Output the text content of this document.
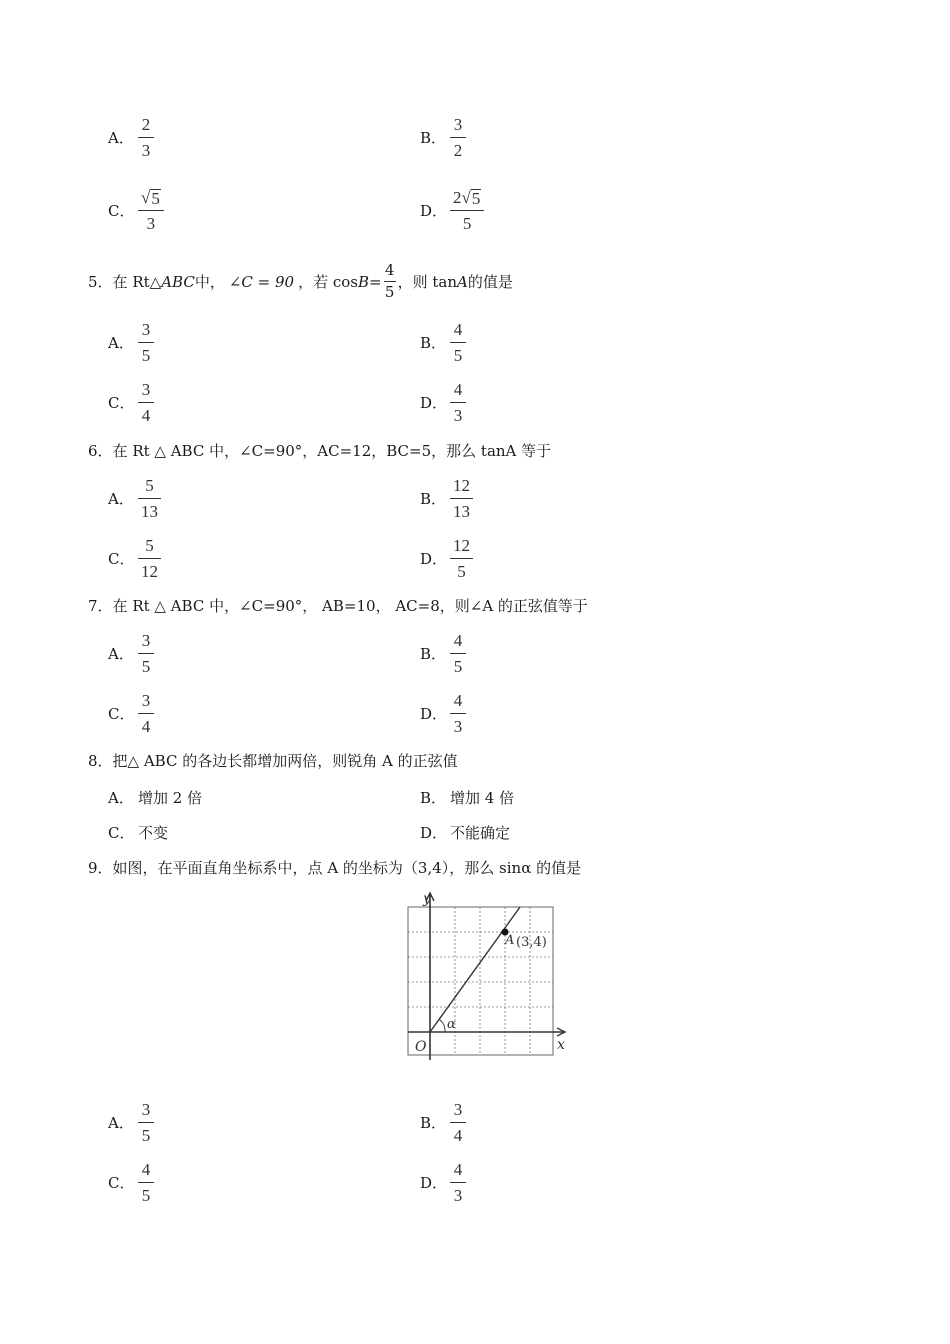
A． $\frac{2}{3}$	B． $\frac{3}{2}$
C． $\frac{√ 5}{3}$	D． $\frac{2 √ 5}{5}$
5． 在 Rt△ ABC 中， ∠C = 90 ，若 $\cos B = \frac{4}{5}$ ，则 tan A 的值是
A． $\frac{3}{5}$	B． $\frac{4}{5}$
C． $\frac{3}{4}$	D． $\frac{4}{3}$
6．在 Rt △ ABC 中，∠C=90°，AC=12，BC=5，那么 tanA 等于
A． $\frac{5}{13}$	B． $\frac{12}{13}$
C． $\frac{5}{12}$	D． $\frac{12}{5}$
7．在 Rt △ ABC 中，∠C=90°， AB=10， AC=8，则∠A 的正弦值等于
A． $\frac{3}{5}$	B． $\frac{4}{5}$
C． $\frac{3}{4}$	D． $\frac{4}{3}$
8．把△ ABC 的各边长都增加两倍，则锐角 A 的正弦值
A． 增加 2 倍	B． 增加 4 倍
C． 不变	D． 不能确定
9．如图，在平面直角坐标系中，点 A 的坐标为（3,4），那么 sinα 的值是
y
x
O
A (3,4)
α
A． $\frac{3}{5}$	B． $\frac{3}{4}$
C． $\frac{4}{5}$	D． $\frac{4}{3}$
